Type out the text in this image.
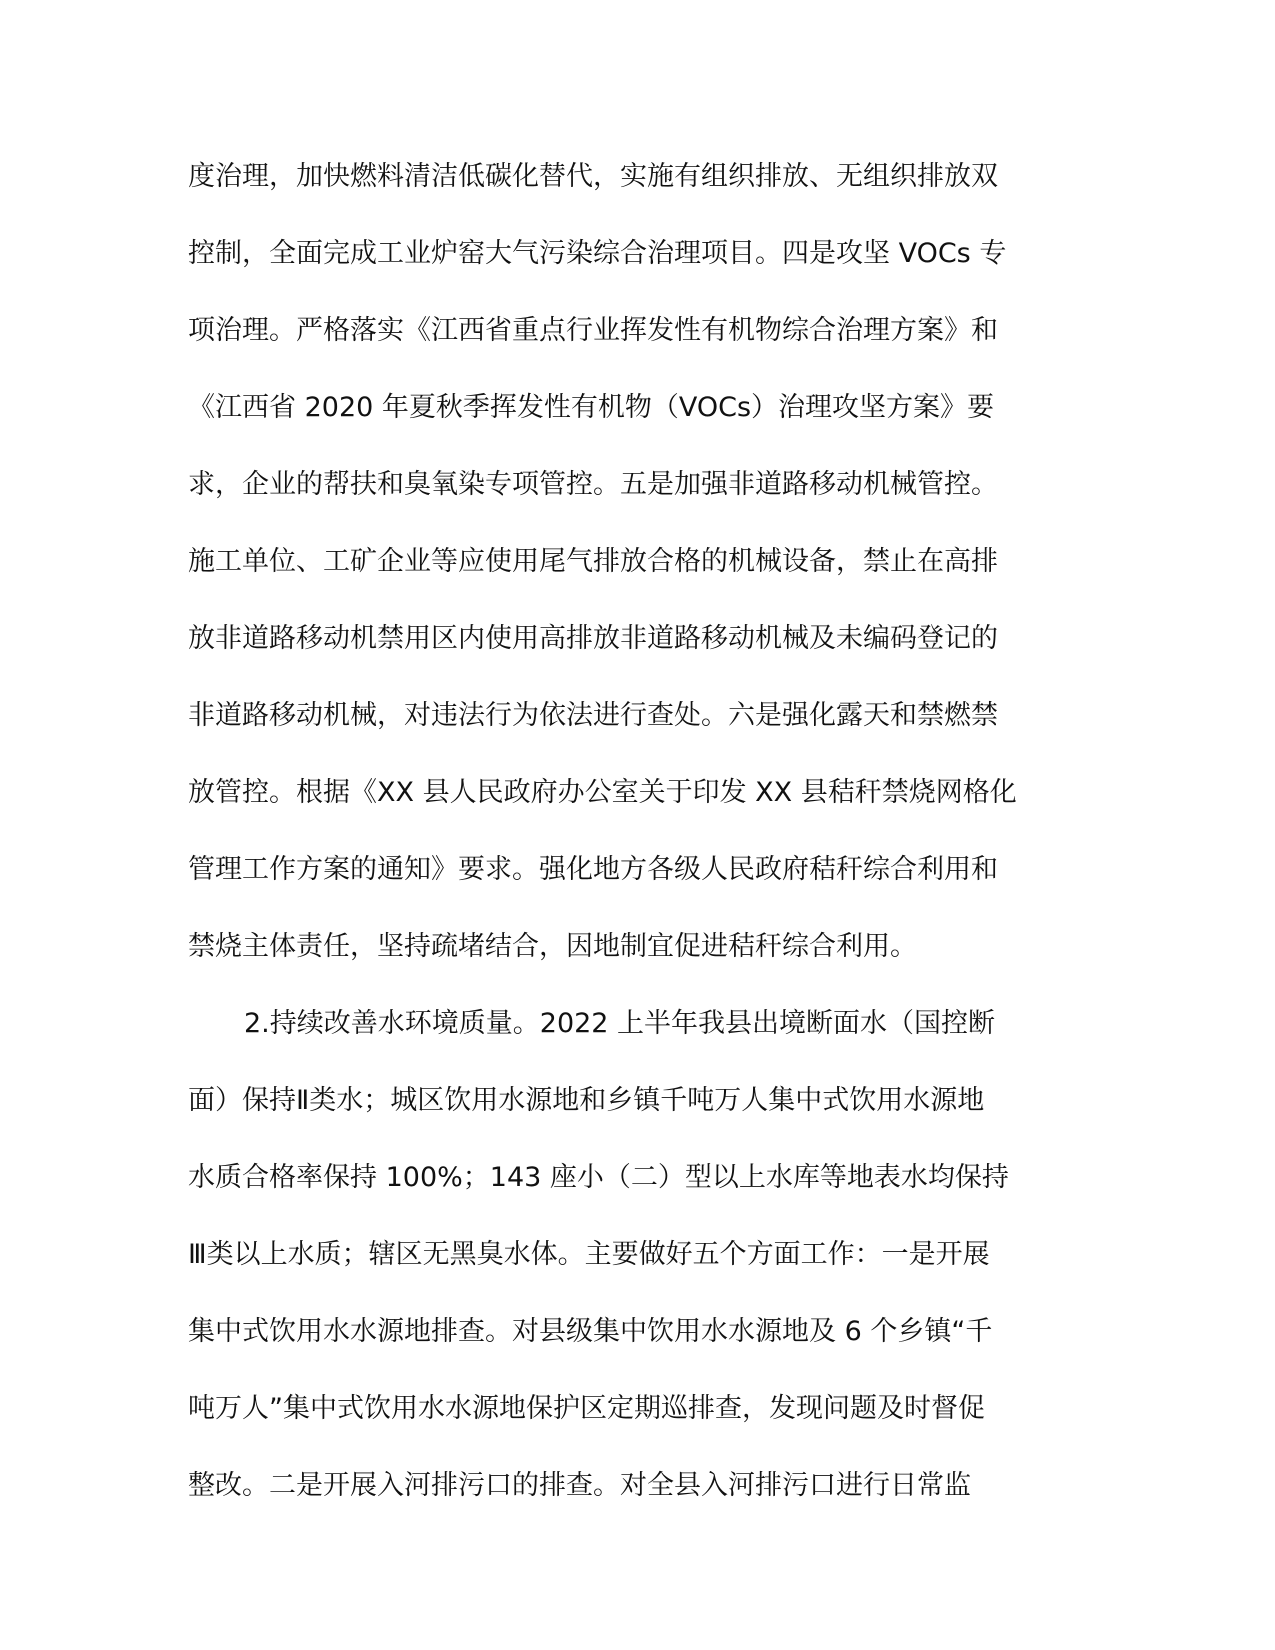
度治理，加快燃料清洁低碳化替代，实施有组织排放、无组织排放双
控制，全面完成工业炉窑大气污染综合治理项目。四是攻坚 VOCs 专
项治理。严格落实《江西省重点行业挥发性有机物综合治理方案》和
《江西省 2020 年夏秋季挥发性有机物（VOCs）治理攻坚方案》要
求，企业的帮扶和臭氧染专项管控。五是加强非道路移动机械管控。
施工单位、工矿企业等应使用尾气排放合格的机械设备，禁止在高排
放非道路移动机禁用区内使用高排放非道路移动机械及未编码登记的
非道路移动机械，对违法行为依法进行查处。六是强化露天和禁燃禁
放管控。根据《XX 县人民政府办公室关于印发 XX 县秸秆禁烧网格化
管理工作方案的通知》要求。强化地方各级人民政府秸秆综合利用和
禁烧主体责任，坚持疏堵结合，因地制宜促进秸秆综合利用。
2.持续改善水环境质量。2022 上半年我县出境断面水（国控断
面）保持Ⅱ类水；城区饮用水源地和乡镇千吨万人集中式饮用水源地
水质合格率保持 100%；143 座小（二）型以上水库等地表水均保持
Ⅲ类以上水质；辖区无黑臭水体。主要做好五个方面工作：一是开展
集中式饮用水水源地排查。对县级集中饮用水水源地及 6 个乡镇“千
吨万人”集中式饮用水水源地保护区定期巡排查，发现问题及时督促
整改。二是开展入河排污口的排查。对全县入河排污口进行日常监
